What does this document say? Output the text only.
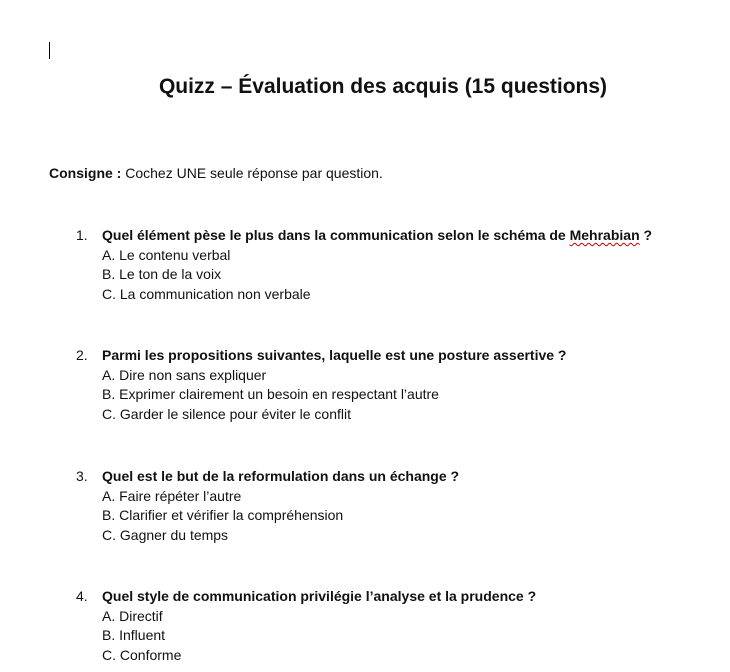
Quizz – Évaluation des acquis (15 questions)
Consigne : Cochez UNE seule réponse par question.
1. Quel élément pèse le plus dans la communication selon le schéma de Mehrabian ?
A. Le contenu verbal
B. Le ton de la voix
C. La communication non verbale
2. Parmi les propositions suivantes, laquelle est une posture assertive ?
A. Dire non sans expliquer
B. Exprimer clairement un besoin en respectant l’autre
C. Garder le silence pour éviter le conflit
3. Quel est le but de la reformulation dans un échange ?
A. Faire répéter l’autre
B. Clarifier et vérifier la compréhension
C. Gagner du temps
4. Quel style de communication privilégie l’analyse et la prudence ?
A. Directif
B. Influent
C. Conforme
